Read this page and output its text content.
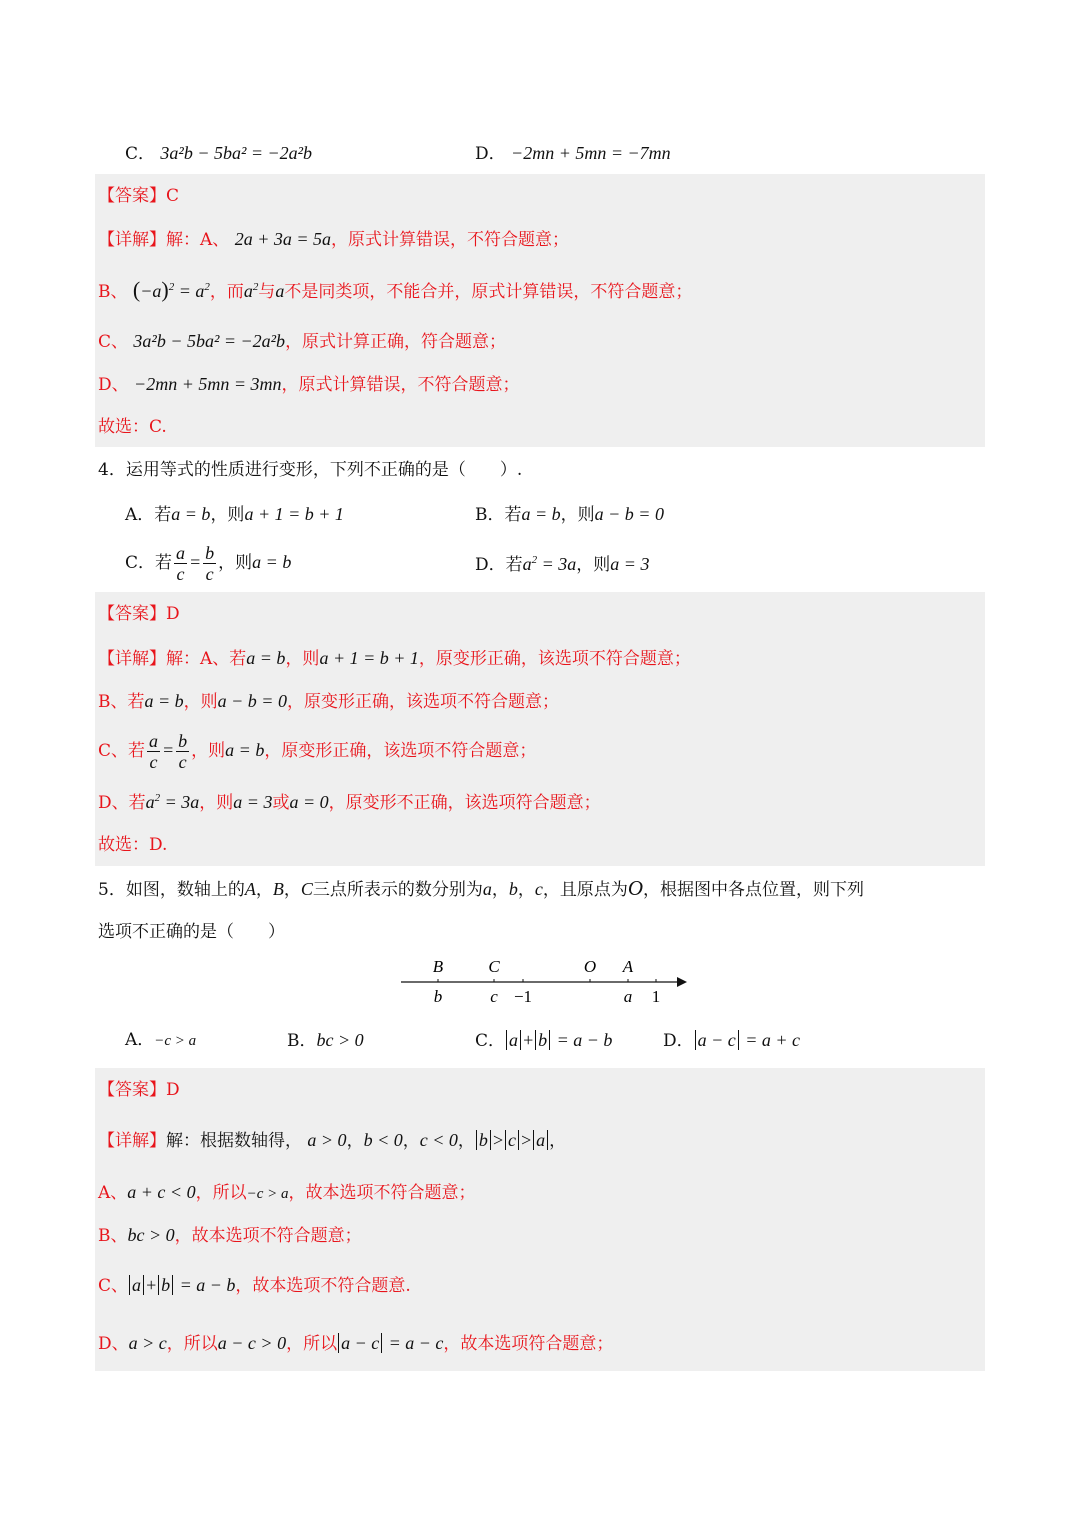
C． 3a²b − 5ba² = −2a²b	D． −2mn + 5mn = −7mn
【答案】C
【详解】解：A、 2a + 3a = 5a，原式计算错误，不符合题意；
B、 $(-a)^2 = a^2$，而$a^2$与a不是同类项，不能合并，原式计算错误，不符合题意；
C、 3a²b − 5ba² = −2a²b，原式计算正确，符合题意；
D、 −2mn + 5mn = 3mn，原式计算错误，不符合题意；
故选：C.
4．运用等式的性质进行变形，下列不正确的是（　　）.
A．若a = b，则a + 1 = b + 1	B．若a = b，则a − b = 0
C．若 $\frac{a}{c} = \frac{b}{c}$ ，则a = b	D．若$a^2 = 3a$，则a = 3
【答案】D
【详解】解：A、若a = b，则a + 1 = b + 1，原变形正确，该选项不符合题意；
B、若a = b，则a − b = 0，原变形正确，该选项不符合题意；
C、若 $\frac{a}{c} = \frac{b}{c}$ ，则a = b，原变形正确，该选项不符合题意；
D、若$a^2 = 3a$，则a = 3或a = 0，原变形不正确，该选项符合题意；
故选：D.
5．如图，数轴上的A，B，C三点所表示的数分别为a，b，c，且原点为O，根据图中各点位置，则下列
选项不正确的是（　　）
B	C	O A
b	c −1	a 1
A．−c > a	B．bc > 0	C． a + b = a − b	D． a − c = a + c
【答案】D
【详解】解：根据数轴得， a > 0，b < 0，c < 0， b > c > a ，
A、a + c < 0，所以−c > a，故本选项不符合题意；
B、bc > 0，故本选项不符合题意；
C、 a + b = a − b，故本选项不符合题意.
D、a > c，所以a − c > 0，所以 a − c = a − c，故本选项符合题意；
